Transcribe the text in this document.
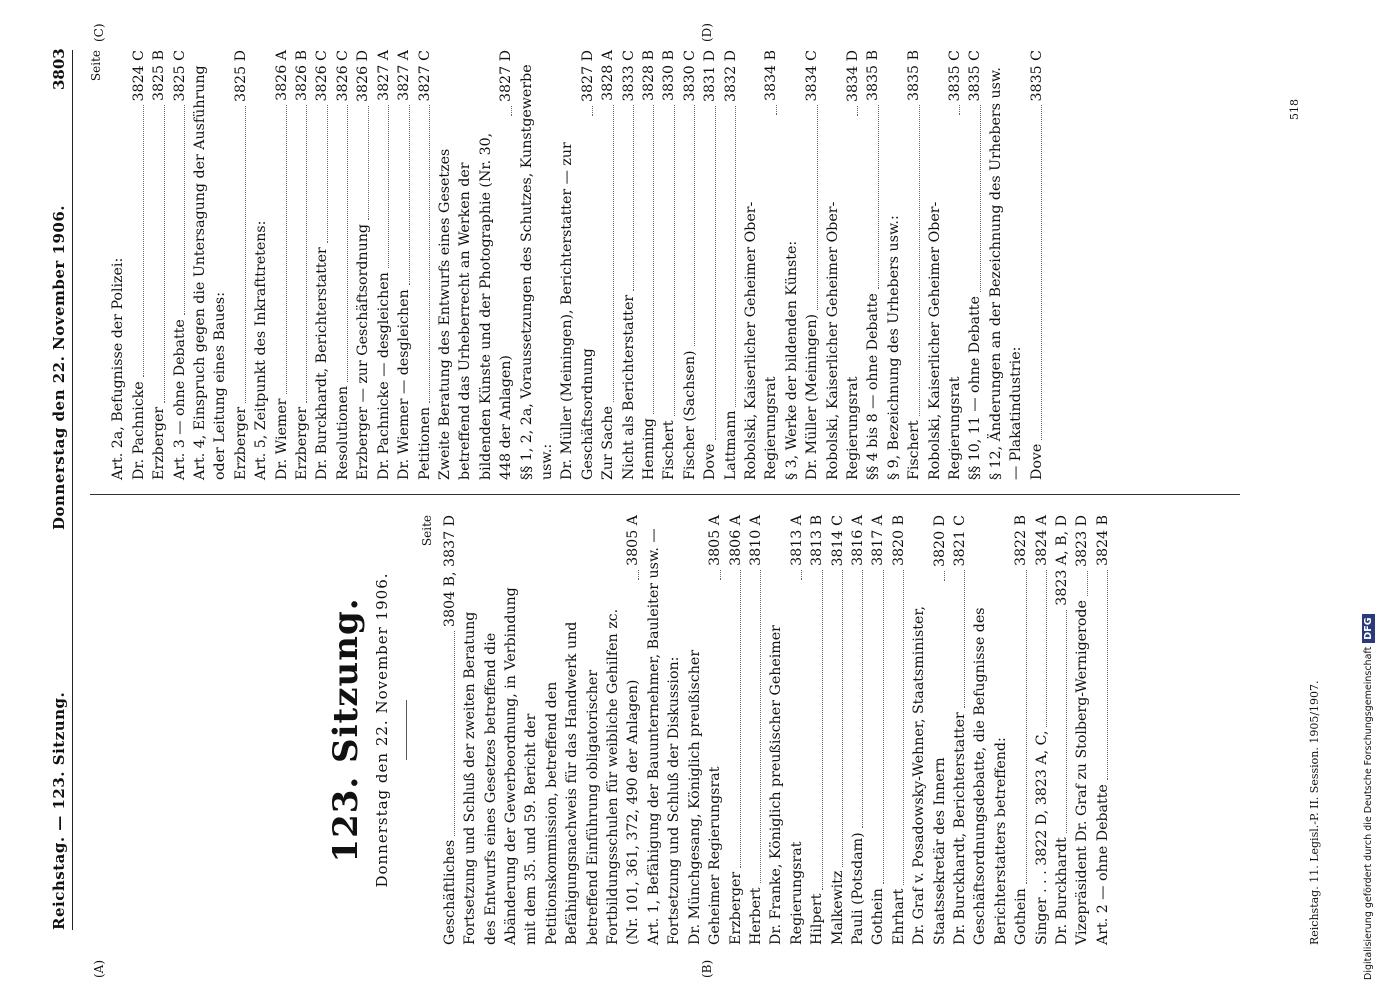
Reichstag. — 123. Sitzung.
Donnerstag den 22. November 1906.
3803
(A)	(B)
(C)	(D)
123. Sitzung. Donnerstag den 22. November 1906.
Seite
Geschäftliches
3804 B, 3837 D
Fortsetzung und Schluß der zweiten Beratung des Entwurfs eines Gesetzes betreffend die Abänderung der Gewerbeordnung, in Verbindung mit dem 35. und 59. Bericht der Petitionskommission, betreffend den Befähigungsnachweis für das Handwerk und betreffend Einführung obligatorischer Fortbildungsschulen für weibliche Gehilfen zc. (Nr. 101, 361, 372, 490 der Anlagen)
3805 A Art. 1, Befähigung der Bauunternehmer, Bauleiter usw. — Fortsetzung und Schluß der Diskussion: Dr. Münchgesang, Königlich preußischer Geheimer Regierungsrat
3805 A
Erzberger
3806 A
Herbert
3810 A
Dr. Franke, Königlich preußischer Geheimer Regierungsrat
3813 A
Hilpert
3813 B
Malkewitz
3814 C
Pauli (Potsdam)
3816 A
Gothein
3817 A
Ehrhart
3820 B
Dr. Graf v. Posadowsky-Wehner, Staatsminister, Staatssekretär des Innern
3820 D
Dr. Burckhardt, Berichterstatter
3821 C
Geschäftsordnungsdebatte, die Befugnisse des Berichterstatters betreffend: Gothein
3822 B
Singer . . . 3822 D, 3823 A, C,
3824 A
Dr. Burckhardt
3823 A, B, D
Vizepräsident Dr. Graf zu Stolberg-Wernigerode
3823 D
Art. 2 — ohne Debatte
3824 B
Seite
Art. 2a, Befugnisse der Polizei: Dr. Pachnicke
3824 C
Erzberger
3825 B
Art. 3 — ohne Debatte
3825 C Art. 4, Einspruch gegen die Untersagung der Ausführung oder Leitung eines Baues: Erzberger
3825 D
Art. 5, Zeitpunkt des Inkrafttretens: Dr. Wiemer
3826 A
Erzberger
3826 B
Dr. Burckhardt, Berichterstatter
3826 C
Resolutionen
3826 C
Erzberger — zur Geschäftsordnung
3826 D
Dr. Pachnicke — desgleichen
3827 A
Dr. Wiemer — desgleichen
3827 A
Petitionen
3827 C
Zweite Beratung des Entwurfs eines Gesetzes betreffend das Urheberrecht an Werken der bildenden Künste und der Photographie (Nr. 30, 448 der Anlagen)
3827 D §§ 1, 2, 2a, Voraussetzungen des Schutzes, Kunstgewerbe usw.: Dr. Müller (Meiningen), Berichterstatter — zur Geschäftsordnung
3827 D
Zur Sache
3828 A
Nicht als Berichterstatter
3833 C
Henning
3828 B
Fischert
3830 B
Fischer (Sachsen)
3830 C
Dove
3831 D
Lattmann
3832 D
Robolski, Kaiserlicher Geheimer Ober-Regierungsrat
3834 B
§ 3, Werke der bildenden Künste: Dr. Müller (Meiningen)
3834 C
Robolski, Kaiserlicher Geheimer Ober-Regierungsrat
3834 D
§§ 4 bis 8 — ohne Debatte
3835 B
§ 9, Bezeichnung des Urhebers usw.: Fischert
3835 B
Robolski, Kaiserlicher Geheimer Ober-Regierungsrat
3835 C
§§ 10, 11 — ohne Debatte
3835 C § 12, Änderungen an der Bezeichnung des Urhebers usw. — Plakatindustrie: Dove
3835 C
Reichstag. 11. Legisl.-P. II. Session. 1905/1907.
518
Digitalisierung gefördert durch die Deutsche ForschungsgemeinschaftDFG
